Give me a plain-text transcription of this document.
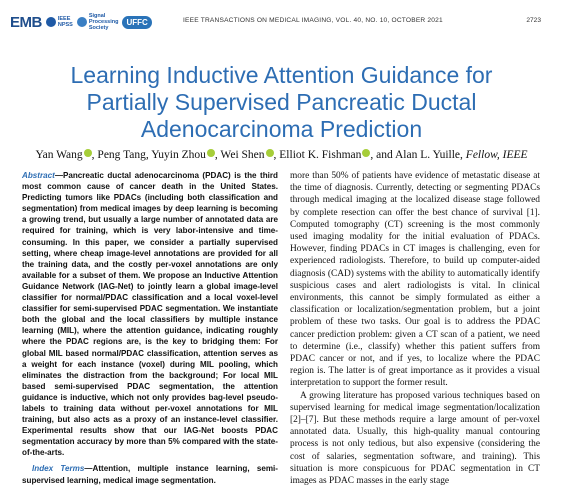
EMB	IEEE
NPSS
Signal
Processing
Society
UFFC	IEEE TRANSACTIONS ON MEDICAL IMAGING, VOL. 40, NO. 10, OCTOBER 2021	2723
Learning Inductive Attention Guidance for
Partially Supervised Pancreatic Ductal
Adenocarcinoma Prediction
Yan Wang , Peng Tang, Yuyin Zhou , Wei Shen , Elliot K. Fishman , and Alan L. Yuille, Fellow, IEEE

Abstract—Pancreatic ductal adenocarcinoma (PDAC) is the third most common cause of cancer death in the United States. Predicting tumors like PDACs (including both classification and segmentation) from medical images by deep learning is becoming a growing trend, but usually a large number of annotated data are required for training, which is very labor-intensive and time-consuming. In this paper, we consider a partially supervised setting, where cheap image-level annotations are provided for all the training data, and the costly per-voxel annotations are only available for a subset of them. We propose an Inductive Attention Guidance Network (IAG-Net) to jointly learn a global image-level classifier for normal/PDAC classification and a local voxel-level classifier for semi-supervised PDAC segmentation. We instantiate both the global and the local classifiers by multiple instance learning (MIL), where the attention guidance, indicating roughly where the PDAC regions are, is the key to bridging them: For global MIL based normal/PDAC classification, attention serves as a weight for each instance (voxel) during MIL pooling, which eliminates the distraction from the background; For local MIL based semi-supervised PDAC segmentation, the attention guidance is inductive, which not only provides bag-level pseudo-labels to training data without per-voxel annotations for MIL training, but also acts as a proxy of an instance-level classifier. Experimental results show that our IAG-Net boosts PDAC segmentation accuracy by more than 5% compared with the state-of-the-arts.

Index Terms—Attention, multiple instance learning, semi-supervised learning, medical image segmentation.

more than 50% of patients have evidence of metastatic disease at the time of diagnosis. Currently, detecting or segmenting PDACs through medical imaging at the localized disease stage followed by complete resection can offer the best chance of survival [1]. Computed tomography (CT) screening is the most commonly used imaging modality for the initial evaluation of PDACs. However, finding PDACs in CT images is challenging, even for experienced radiologists. Therefore, to build up computer-aided diagnosis (CAD) systems with the ability to automatically identify suspicious cases and alert radiologists is vital. In clinical environments, this cannot be simply formulated as either a classification or localization/segmentation problem, but a joint problem of these two tasks. Our goal is to address the PDAC cancer prediction problem: given a CT scan of a patient, we need to determine (i.e., classify) whether this patient suffers from PDAC cancer or not, and if yes, to localize where the PDAC region is. The latter is of great importance as it provides a visual interpretation to support the former result.

A growing literature has proposed various techniques based on supervised learning for medical image segmentation/localization [2]–[7]. But these methods require a large amount of per-voxel annotated data. Usually, this high-quality manual contouring process is not only tedious, but also expensive (considering the cost of salaries, segmentation software, and training). This situation is more conspicuous for PDAC segmentation in CT images as PDAC masses in the early stage
